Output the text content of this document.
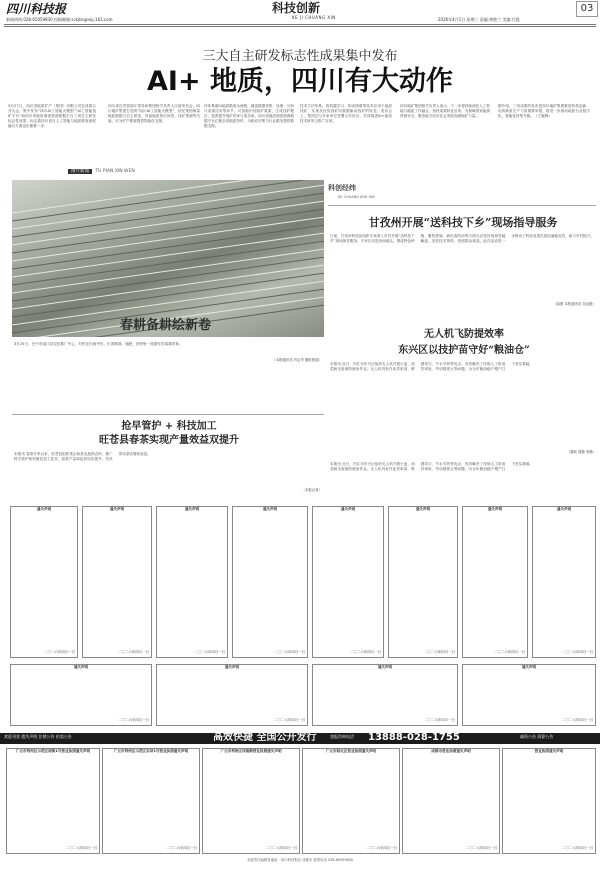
四川科技报
新闻热线:028-65059830 投稿邮箱:sckjbs@vip.163.com
科技创新
KE JI CHUANG XIN	2026年4月1日 星期三 责编:黄艳兰 美编:代俊
03
三大自主研发标志性成果集中发布
AI+ 地质，四川有大动作
3月27日，四川省地质矿产（集团）有限公司在成都召开大会，集中发布“四川AI工智能大模型”“AI工智能找矿平台”和四川省地质调查资源数据平台三项自主研发标志性成果，标志着四川省在人工智能与地质勘查深度融合方面迈出重要一步。
四川省自然资源厅领导和集团相关负责人出席发布会。四川地矿集团打造的“四川AI工智能大模型”，依托集团海量地质数据与自主研发，具备地质知识问答、找矿预测等功能，可为矿产勘查提供智能化支撑。
该体系面向地质勘查全流程，涵盖数据采集、处理、分析与成果应用等环节，可智能识别致矿要素，生成找矿靶区，显著提升找矿效率与成功率。四川省地质调查资源数据平台汇聚全省地质资料，为政府决策与行业服务提供数据支撑。
技术方法体系，将机器学习、知识图谱等技术应用于地质找矿，实现从经验找矿向数据驱动找矿的转变。发布会上，集团还与多家单位签署合作协议，共同推进AI+地质技术研发与推广应用。
四川地矿集团相关负责人表示，下一步将持续深化人工智能与地质工作融合，加快成果转化应用，为保障国家能源资源安全、服务地方经济社会发展贡献地矿力量。
据介绍，三项成果的发布是四川地矿集团推进科技创新、培育新质生产力的重要举措，将进一步推动地质行业数字化、智能化转型升级。（王霜梅）
图片新闻 TU PIAN XIN WEN
春耕备耕绘新卷
3月25日，巴中市南江县农技推广中心，村民在田间劳作，忙着移栽、施肥，田野里一派繁忙的春耕景象。
（本报通讯员 肖定华 摄影报道）
科创经纬
KE CHUANG JING WEI
甘孜州开展“送科技下乡”现场指导服务
日前，甘孜州科技局组织专家深入乡村开展“送科技下乡”现场指导服务。专家们走进田间地头，围绕特色种植、畜牧养殖、病虫害防治等方面为农牧民现场答疑解惑，发放技术资料，受到群众欢迎。此次活动进一步推动了科技成果在基层落地见效，助力乡村振兴。
（曲燕 本报通讯员 吴远胜）
无人机飞防提效率
东兴区以技护苗守好“粮油仓”
本报讯 近日，内江市东兴区组织无人机开展小麦、油菜病虫害统防统治作业。无人机具有作业效率高、喷洒均匀、节水节药等优点，有效解决了传统人工防治效率低、劳动强度大等问题，为全年粮油稳产增产打下坚实基础。
（黎莉 曾静 李静）
抢早管护 + 科技加工
旺苍县春茶实现产量效益双提升
本报讯 春茶开采以来，旺苍县组织茶企和茶农抢抓农时，推广科学管护和机械化加工技术，春茶产量和品质同步提升，有效带动茶农增收致富。
（本报记者）
本报讯 近日，内江市东兴区组织无人机开展小麦、油菜病虫害统防统治作业。无人机具有作业效率高、喷洒均匀、节水节药等优点，有效解决了传统人工防治效率低、劳动强度大等问题，为全年粮油稳产增产打下坚实基础。
遗失声明
二〇二六年四月一日
遗失声明
二〇二六年四月一日
遗失声明
二〇二六年四月一日
遗失声明
二〇二六年四月一日
遗失声明
二〇二六年四月一日
遗失声明
二〇二六年四月一日
遗失声明
二〇二六年四月一日
遗失声明
二〇二六年四月一日
遗失声明
二〇二六年四月一日
遗失声明
二〇二六年四月一日
遗失声明
二〇二六年四月一日
遗失声明
二〇二六年四月一日
欢迎刊登 遗失声明 注销公告 拍卖公告	高效快捷 全国公开发行	登报咨询电话 13888-028-1755	减资公告 清算公告
广元市利州区示范区南街1号营业执照遗失声明
二〇二六年四月一日
广元市利州区示范区东坝1号营业执照遗失声明
二〇二六年四月一日
广元市利州区西南路营业执照遗失声明
二〇二六年四月一日
广元市昭化区营业执照遗失声明
二〇二六年四月一日
成都市营业执照遗失声明
二〇二六年四月一日
营业执照遗失声明
二〇二六年四月一日
本版责任编辑及地址：四川科技报社 成都市 联系电话 028-65059830
